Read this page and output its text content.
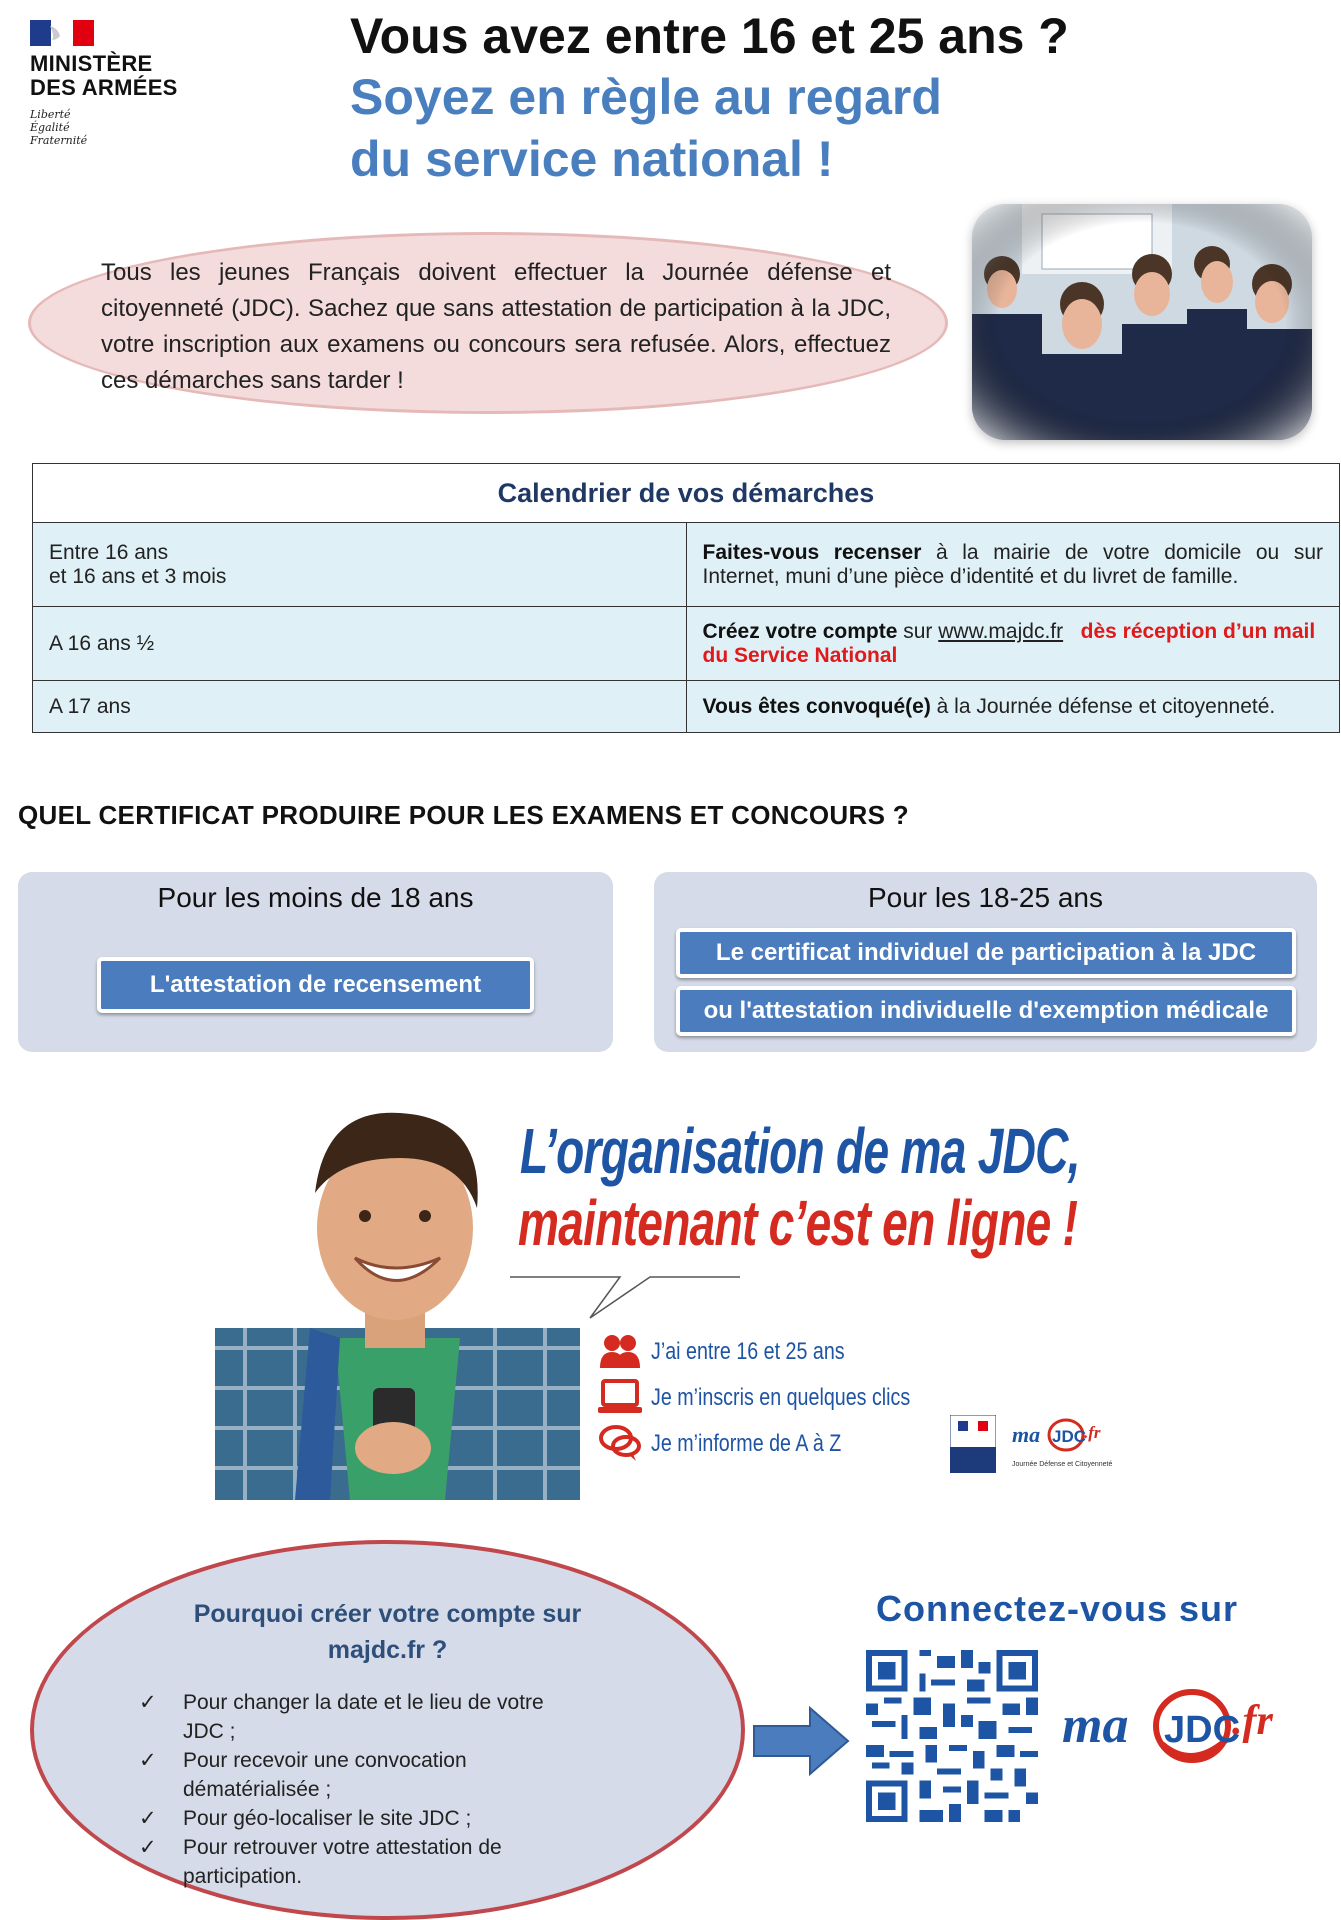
MINISTÈRE
DES ARMÉES
Liberté
Égalité
Fraternité
Vous avez entre 16 et 25 ans ?
Soyez en règle au regard
du service national !

Tous les jeunes Français doivent effectuer la Journée défense et citoyenneté (JDC). Sachez que sans attestation de participation à la JDC, votre inscription aux examens ou concours sera refusée. Alors, effectuez ces démarches sans tarder !

Calendrier de vos démarches	

Entre 16 ans
et 16 ans et 3 mois	Faites-vous recenser à la mairie de votre domicile ou sur Internet, muni d’une pièce d’identité et du livret de famille.
A 16 ans ½	Créez votre compte sur www.majdc.fr dès réception d’un mail du Service National
A 17 ans	Vous êtes convoqué(e) à la Journée défense et citoyenneté.
QUEL CERTIFICAT PRODUIRE POUR LES EXAMENS ET CONCOURS ?
Pour les moins de 18 ans
L'attestation de recensement
Pour les 18-25 ans
Le certificat individuel de participation à la JDC
ou l'attestation individuelle d'exemption médicale
L’organisation de ma JDC,
maintenant c’est en ligne !
J’ai entre 16 et 25 ans
Je m’inscris en quelques clics
Je m’informe de A à Z	ma JDC
.fr
Journée Défense et Citoyenneté
Pourquoi créer votre compte sur
majdc.fr ?
✓ Pour changer la date et le lieu de votre JDC ;
✓ Pour recevoir une convocation dématérialisée ;
✓ Pour géo-localiser le site JDC ;
✓ Pour retrouver votre attestation de participation.
Connectez-vous sur
ma JDC
.fr
